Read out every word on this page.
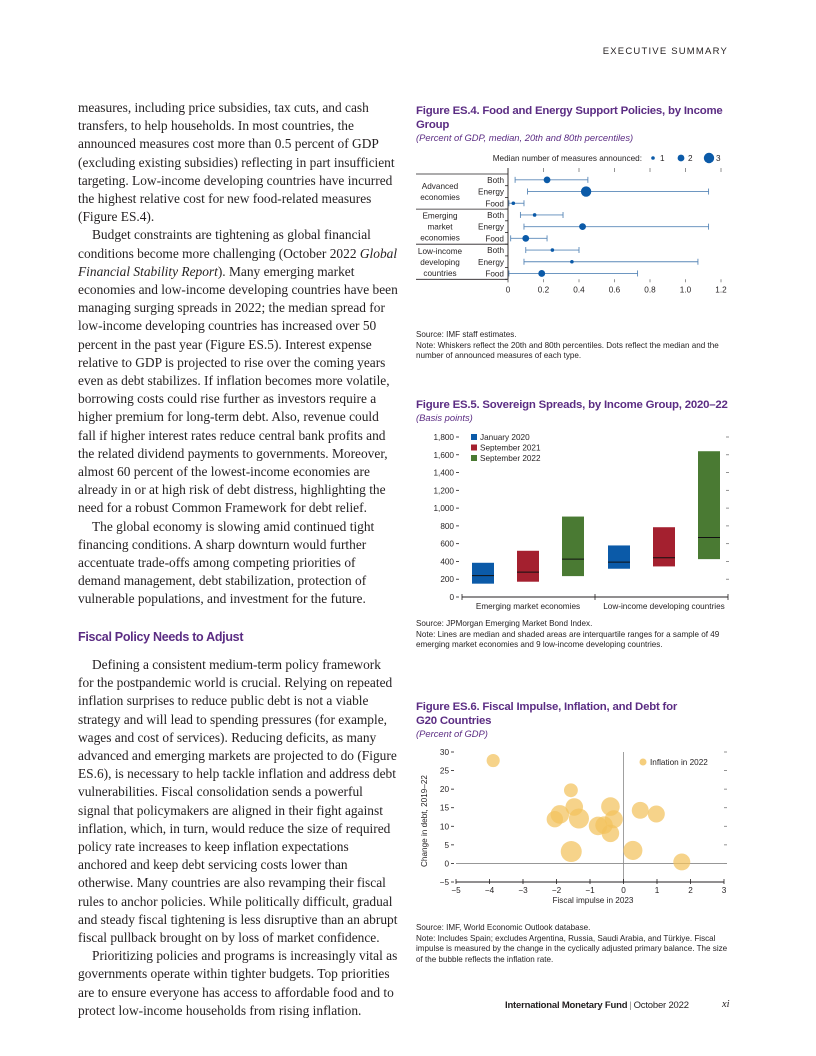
EXECUTIVE SUMMARY

measures, including price subsidies, tax cuts, and cash transfers, to help households. In most countries, the announced measures cost more than 0.5 percent of GDP (excluding existing subsidies) reflecting in part insufficient targeting. Low-income developing countries have incurred the highest relative cost for new food-related measures (Figure ES.4).

Budget constraints are tightening as global financial conditions become more challenging (October 2022 Global Financial Stability Report). Many emerging market economies and low-income developing countries have been managing surging spreads in 2022; the median spread for low-income developing countries has increased over 50 percent in the past year (Figure ES.5). Interest expense relative to GDP is projected to rise over the coming years even as debt stabilizes. If inflation becomes more volatile, borrowing costs could rise further as investors require a higher premium for long-term debt. Also, revenue could fall if higher interest rates reduce central bank profits and the related dividend payments to governments. Moreover, almost 60 percent of the lowest-income economies are already in or at high risk of debt distress, highlighting the need for a robust Common Framework for debt relief.

The global economy is slowing amid continued tight financing conditions. A sharp downturn would further accentuate trade-offs among competing priorities of demand management, debt stabilization, protection of vulnerable populations, and investment for the future.

Fiscal Policy Needs to Adjust

Defining a consistent medium-term policy framework for the postpandemic world is crucial. Relying on repeated inflation surprises to reduce public debt is not a viable strategy and will lead to spending pressures (for example, wages and cost of services). Reducing deficits, as many advanced and emerging markets are projected to do (Figure ES.6), is necessary to help tackle inflation and address debt vulnerabilities. Fiscal consolidation sends a powerful signal that policymakers are aligned in their fight against inflation, which, in turn, would reduce the size of required policy rate increases to keep inflation expectations anchored and keep debt servicing costs lower than otherwise. Many countries are also revamping their fiscal rules to anchor policies. While politically difficult, gradual and steady fiscal tightening is less disruptive than an abrupt fiscal pullback brought on by loss of market confidence.

Prioritizing policies and programs is increasingly vital as governments operate within tighter budgets. Top priorities are to ensure everyone has access to affordable food and to protect low-income households from rising inflation.

Figure ES.4. Food and Energy Support Policies, by Income Group
(Percent of GDP, median, 20th and 80th percentiles)
Median number of measures announced: 1	2	3
Advanced
economies
Both
Energy
Food
Emerging
market
economies
Both
Energy
Food
Low-income
developing
countries
Both
Energy
Food
0	0.2	0.4	0.6	0.8	1.0	1.2
Source: IMF staff estimates.
Note: Whiskers reflect the 20th and 80th percentiles. Dots reflect the median and the number of announced measures of each type.
Figure ES.5. Sovereign Spreads, by Income Group, 2020–22
(Basis points)
0
200
400
600
800
1,000
1,200
1,400
1,600
1,800
Emerging market economies	Low-income developing countries
January 2020
September 2021
September 2022
Source: JPMorgan Emerging Market Bond Index.
Note: Lines are median and shaded areas are interquartile ranges for a sample of 49 emerging market economies and 9 low-income developing countries.
Figure ES.6. Fiscal Impulse, Inflation, and Debt for G20 Countries
(Percent of GDP)
−5
0
5
10
15
20
25
30
−5	−4	−3	−2	−1	0	1	2	3
Fiscal impulse in 2023
Change in debt, 2019–22
Inflation in 2022
Source: IMF, World Economic Outlook database.
Note: Includes Spain; excludes Argentina, Russia, Saudi Arabia, and Türkiye. Fiscal impulse is measured by the change in the cyclically adjusted primary balance. The size of the bubble reflects the inflation rate.
International Monetary Fund | October 2022	xi
